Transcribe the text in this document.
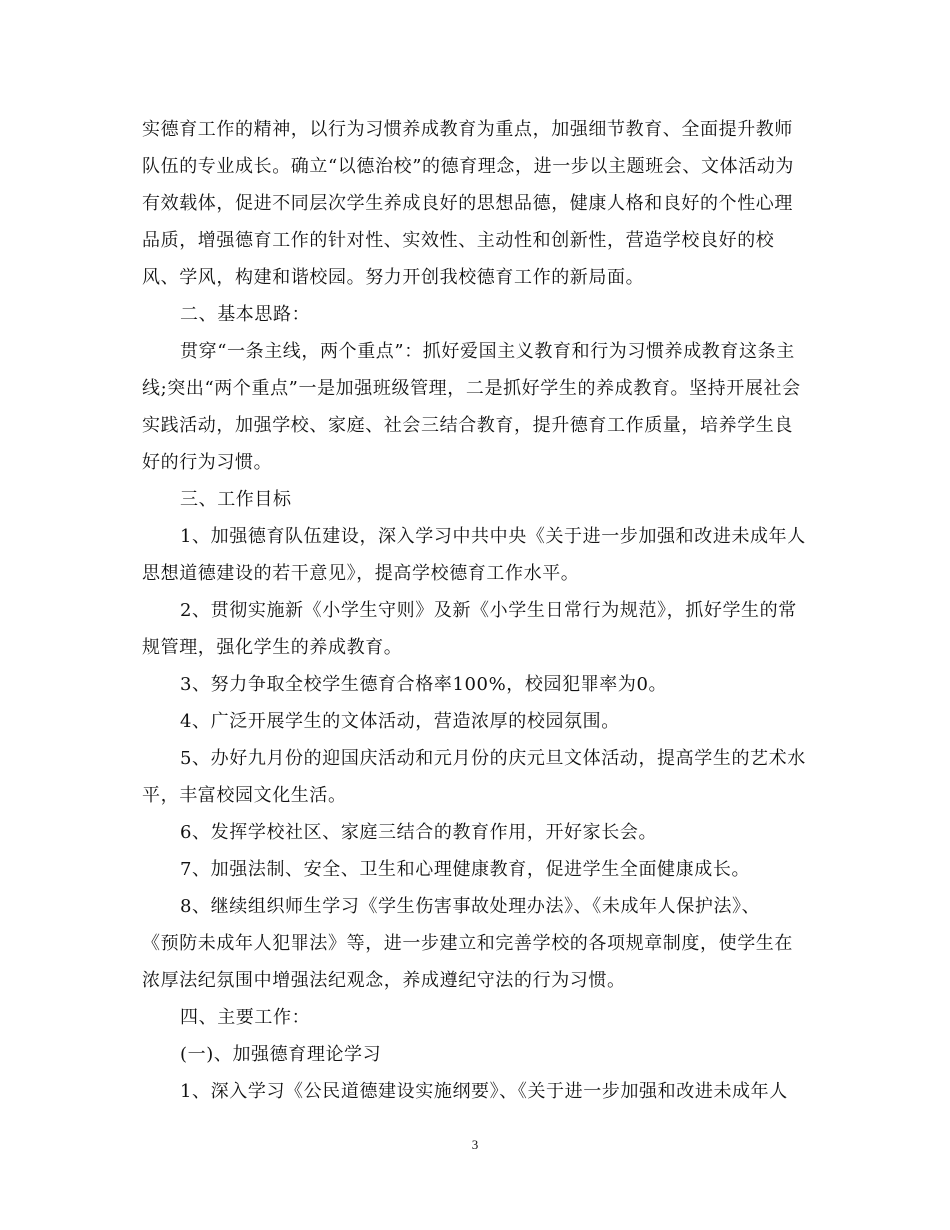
实德育工作的精神，以行为习惯养成教育为重点，加强细节教育、全面提升教师
队伍的专业成长。确立“以德治校”的德育理念，进一步以主题班会、文体活动为
有效载体，促进不同层次学生养成良好的思想品德，健康人格和良好的个性心理
品质，增强德育工作的针对性、实效性、主动性和创新性，营造学校良好的校
风、学风，构建和谐校园。努力开创我校德育工作的新局面。
二、基本思路：
贯穿“一条主线，两个重点”：抓好爱国主义教育和行为习惯养成教育这条主
线;突出“两个重点”一是加强班级管理，二是抓好学生的养成教育。坚持开展社会
实践活动，加强学校、家庭、社会三结合教育，提升德育工作质量，培养学生良
好的行为习惯。
三、工作目标
1、加强德育队伍建设，深入学习中共中央《关于进一步加强和改进未成年人
思想道德建设的若干意见》，提高学校德育工作水平。
2、贯彻实施新《小学生守则》及新《小学生日常行为规范》，抓好学生的常
规管理，强化学生的养成教育。
3、努力争取全校学生德育合格率100%，校园犯罪率为0。
4、广泛开展学生的文体活动，营造浓厚的校园氛围。
5、办好九月份的迎国庆活动和元月份的庆元旦文体活动，提高学生的艺术水
平，丰富校园文化生活。
6、发挥学校社区、家庭三结合的教育作用，开好家长会。
7、加强法制、安全、卫生和心理健康教育，促进学生全面健康成长。
8、继续组织师生学习《学生伤害事故处理办法》、《未成年人保护法》、
《预防未成年人犯罪法》等，进一步建立和完善学校的各项规章制度，使学生在
浓厚法纪氛围中增强法纪观念，养成遵纪守法的行为习惯。
四、主要工作：
(一)、加强德育理论学习
1、深入学习《公民道德建设实施纲要》、《关于进一步加强和改进未成年人
3
